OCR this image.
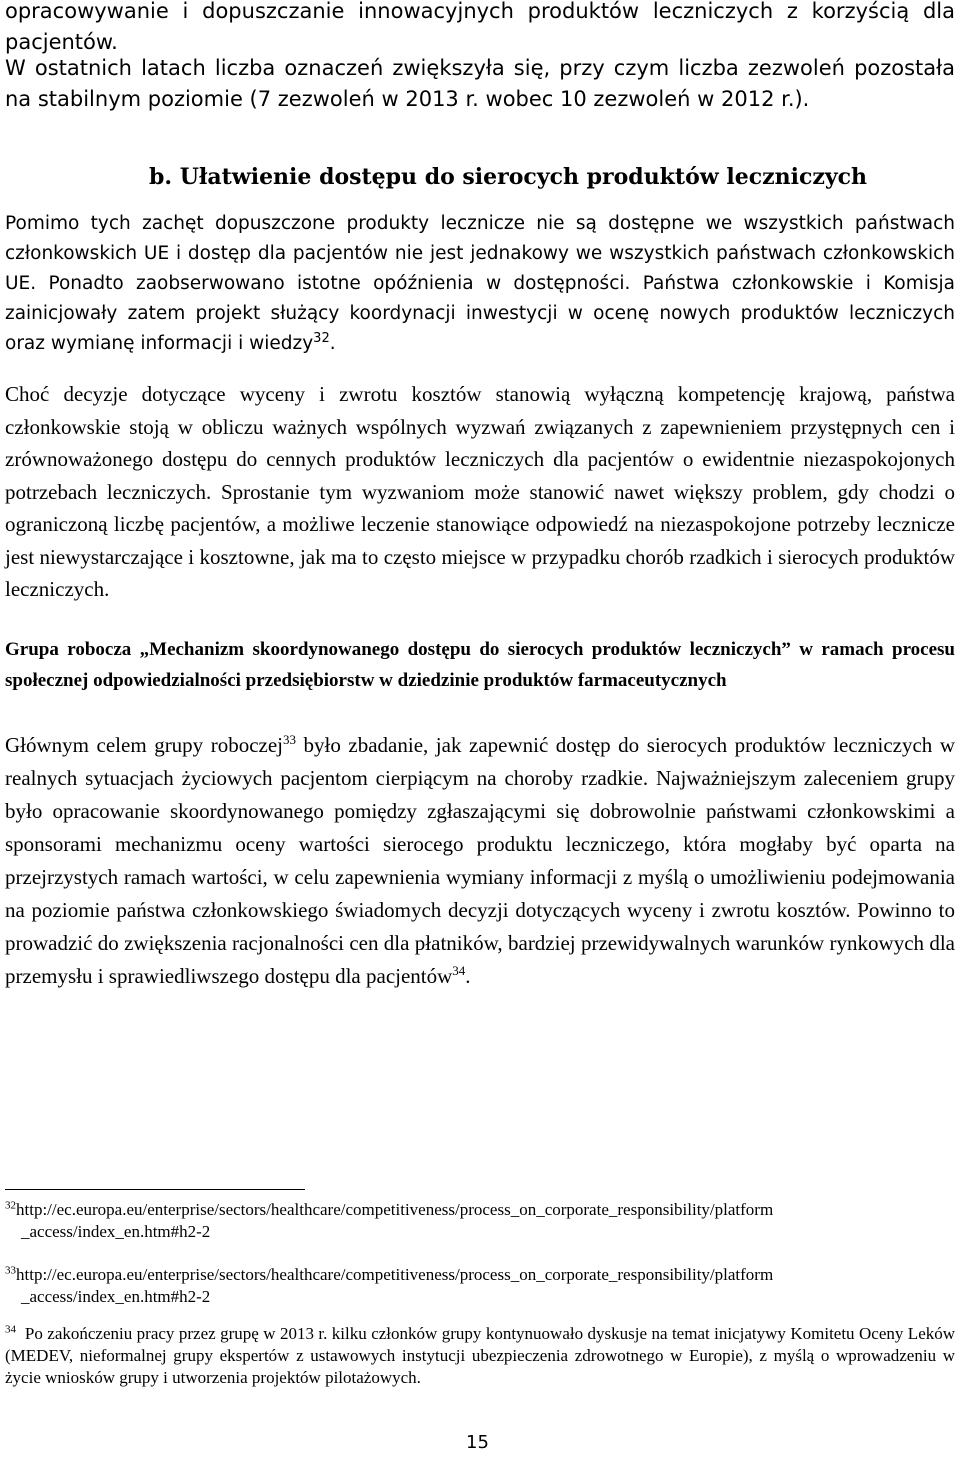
opracowywanie i dopuszczanie innowacyjnych produktów leczniczych z korzyścią dla pacjentów.
W ostatnich latach liczba oznaczeń zwiększyła się, przy czym liczba zezwoleń pozostała na stabilnym poziomie (7 zezwoleń w 2013 r. wobec 10 zezwoleń w 2012 r.).
b. Ułatwienie dostępu do sierocych produktów leczniczych
Pomimo tych zachęt dopuszczone produkty lecznicze nie są dostępne we wszystkich państwach członkowskich UE i dostęp dla pacjentów nie jest jednakowy we wszystkich państwach członkowskich UE. Ponadto zaobserwowano istotne opóźnienia w dostępności. Państwa członkowskie i Komisja zainicjowały zatem projekt służący koordynacji inwestycji w ocenę nowych produktów leczniczych oraz wymianę informacji i wiedzy$^{32}$.
Choć decyzje dotyczące wyceny i zwrotu kosztów stanowią wyłączną kompetencję krajową, państwa członkowskie stoją w obliczu ważnych wspólnych wyzwań związanych z zapewnieniem przystępnych cen i zrównoważonego dostępu do cennych produktów leczniczych dla pacjentów o ewidentnie niezaspokojonych potrzebach leczniczych. Sprostanie tym wyzwaniom może stanowić nawet większy problem, gdy chodzi o ograniczoną liczbę pacjentów, a możliwe leczenie stanowiące odpowiedź na niezaspokojone potrzeby lecznicze jest niewystarczające i kosztowne, jak ma to często miejsce w przypadku chorób rzadkich i sierocych produktów leczniczych.
Grupa robocza „Mechanizm skoordynowanego dostępu do sierocych produktów leczniczych” w ramach procesu społecznej odpowiedzialności przedsiębiorstw w dziedzinie produktów farmaceutycznych
Głównym celem grupy roboczej$^{33}$ było zbadanie, jak zapewnić dostęp do sierocych produktów leczniczych w realnych sytuacjach życiowych pacjentom cierpiącym na choroby rzadkie. Najważniejszym zaleceniem grupy było opracowanie skoordynowanego pomiędzy zgłaszającymi się dobrowolnie państwami członkowskimi a sponsorami mechanizmu oceny wartości sierocego produktu leczniczego, która mogłaby być oparta na przejrzystych ramach wartości, w celu zapewnienia wymiany informacji z myślą o umożliwieniu podejmowania na poziomie państwa członkowskiego świadomych decyzji dotyczących wyceny i zwrotu kosztów. Powinno to prowadzić do zwiększenia racjonalności cen dla płatników, bardziej przewidywalnych warunków rynkowych dla przemysłu i sprawiedliwszego dostępu dla pacjentów$^{34}$.
$^{32}$http://ec.europa.eu/enterprise/sectors/healthcare/competitiveness/process_on_corporate_responsibility/platform
_access/index_en.htm#h2-2
$^{33}$http://ec.europa.eu/enterprise/sectors/healthcare/competitiveness/process_on_corporate_responsibility/platform
_access/index_en.htm#h2-2
$^{34}$ Po zakończeniu pracy przez grupę w 2013 r. kilku członków grupy kontynuowało dyskusje na temat inicjatywy Komitetu Oceny Leków (MEDEV, nieformalnej grupy ekspertów z ustawowych instytucji ubezpieczenia zdrowotnego w Europie), z myślą o wprowadzeniu w życie wniosków grupy i utworzenia projektów pilotażowych.
15
